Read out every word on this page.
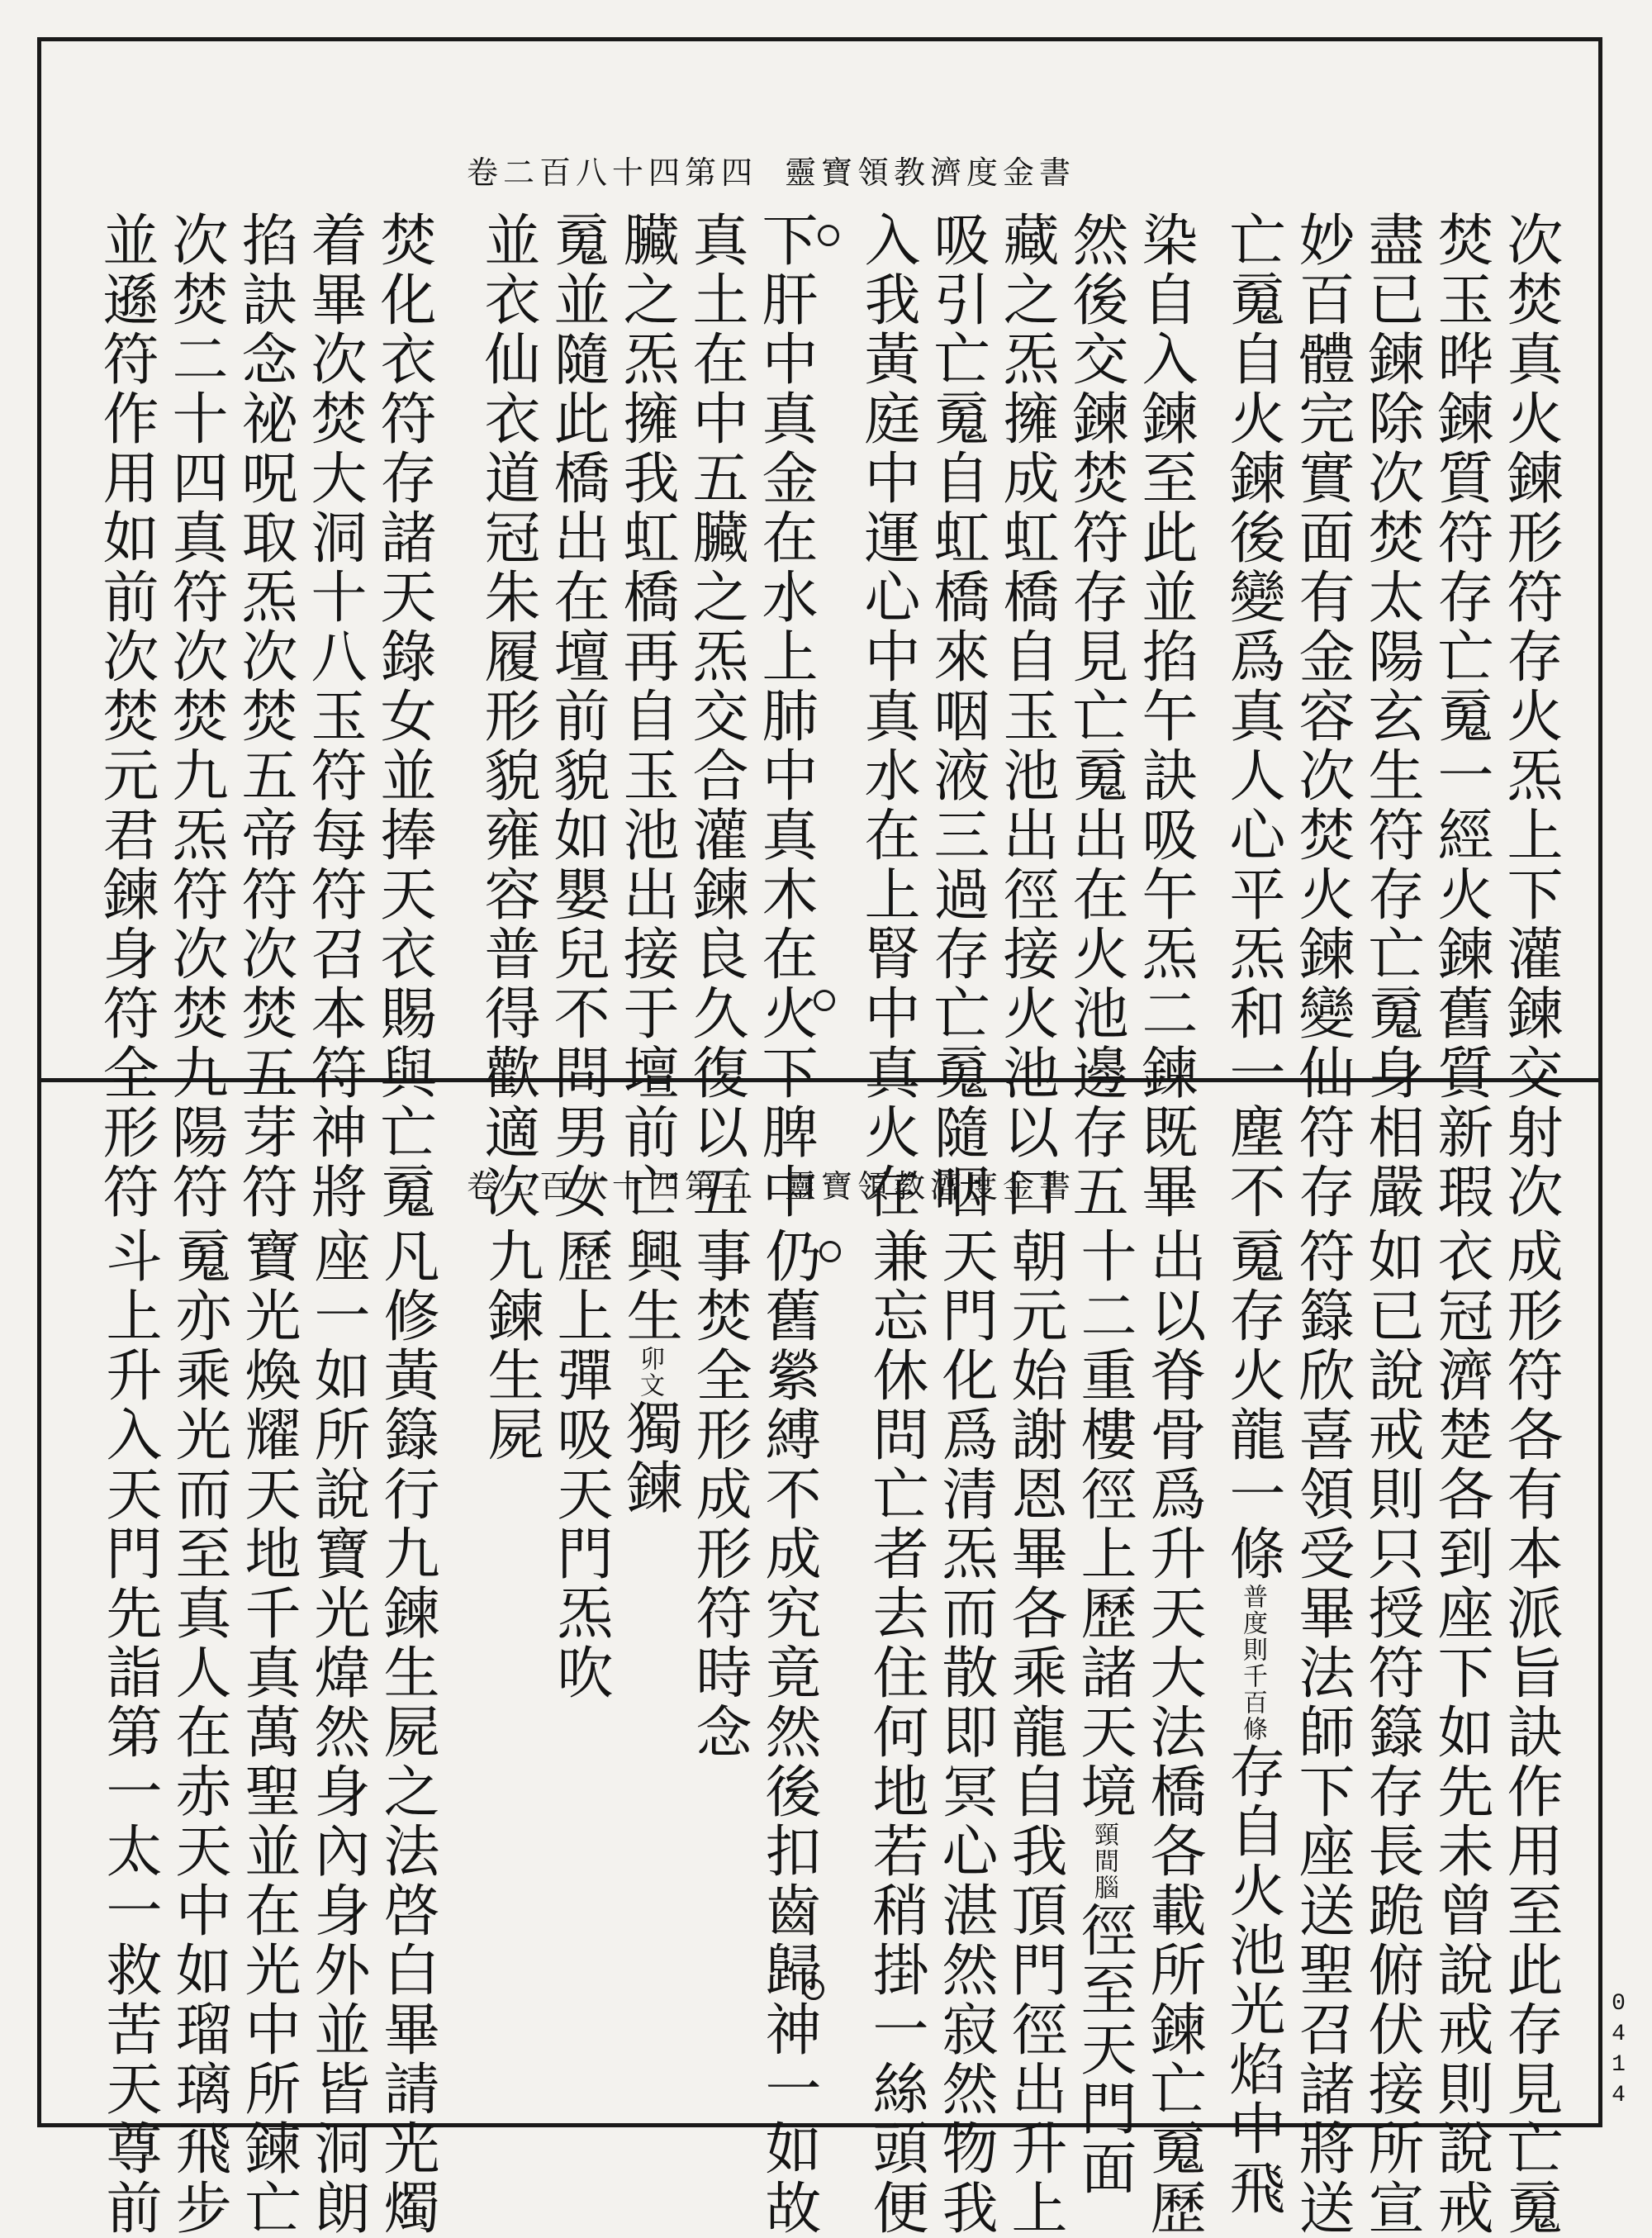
靈寶領教濟度金書
卷二百八十四第四
次焚真火鍊形符存火炁上下灌鍊交射次
焚玉晔鍊質符存亡䰟一經火鍊舊質新瑕
盡已鍊除次焚太陽玄生符存亡䰟身相嚴
妙百體完實面有金容次焚火鍊變仙符存
亡䰟自火鍊後變爲真人心平炁和一塵不
染自入鍊至此並掐午訣吸午炁二鍊既畢
然後交鍊焚符存見亡䰟出在火池邊存五
藏之炁擁成虹橋自玉池出徑接火池以口
吸引亡䰟自虹橋來咽液三過存亡䰟隨咽
入我黃庭中運心中真水在上腎中真火在
下肝中真金在水上肺中真木在火下脾中
真土在中五臟之炁交合灌鍊良久復以五
臟之炁擁我虹橋再自玉池出接于壇前亡
䰟並隨此橋出在壇前貌如嬰兒不問男女
並衣仙衣道冠朱履形貌雍容普得歡適次
焚化衣符存諸天錄女並捧天衣賜與亡䰟
着畢次焚大洞十八玉符每符召本符神將
掐訣念祕呪取炁次焚五帝符次焚五芽符
次焚二十四真符次焚九炁符次焚九陽符
並遜符作用如前次焚元君鍊身符全形符	靈寶領教濟度金書
卷二百八十四第五
成形符各有本派旨訣作用至此存見亡䰟
衣冠濟楚各到座下如先未曾說戒則說戒
如已說戒則只授符籙存長跪俯伏接所宣
符籙欣喜領受畢法師下座送聖召諸將送
䰟存火龍一條普度則千百條存自火池光焰中飛
出以脊骨爲升天大法橋各載所鍊亡䰟歷
十二重樓徑上歷諸天境頸間腦徑至天門面
朝元始謝恩畢各乘龍自我頂門徑出升上
天門化爲清炁而散即冥心湛然寂然物我
兼忘休問亡者去住何地若稍掛一絲頭便
仍舊縈縛不成究竟然後扣齒歸神一如故
事焚全形成形符時念
興生卯文獨鍊
歷上彈吸天門炁吹
九鍊生屍
凡修黃籙行九鍊生屍之法啓白畢請光燭
座一如所說寶光煒然身內身外並皆洞朗
寶光煥耀天地千真萬聖並在光中所鍊亡
䰟亦乘光而至真人在赤天中如瑠璃飛步
斗上升入天門先詣第一太一救苦天尊前	0414
